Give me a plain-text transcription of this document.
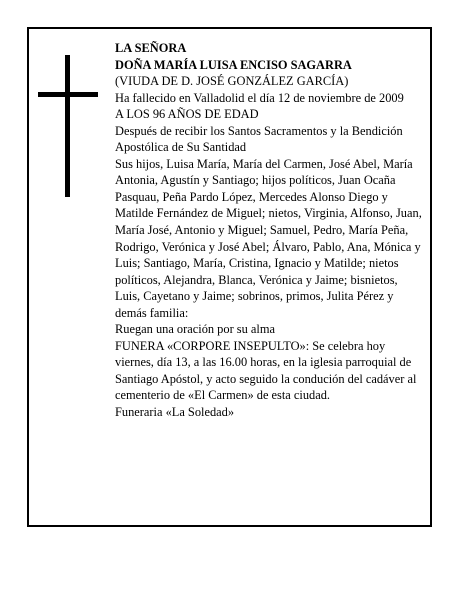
LA SEÑORA
DOÑA MARÍA LUISA ENCISO SAGARRA
(VIUDA DE D. JOSÉ GONZÁLEZ GARCÍA)
Ha fallecido en Valladolid el día 12 de noviembre de 2009
A LOS 96 AÑOS DE EDAD
Después de recibir los Santos Sacramentos y la Bendición Apostólica de Su Santidad
Sus hijos, Luisa María, María del Carmen, José Abel, María Antonia, Agustín y Santiago; hijos políticos, Juan Ocaña Pasquau, Peña Pardo López, Mercedes Alonso Diego y Matilde Fernández de Miguel; nietos, Virginia, Alfonso, Juan, María José, Antonio y Miguel; Samuel, Pedro, María Peña, Rodrigo, Verónica y José Abel; Álvaro, Pablo, Ana, Mónica y Luis; Santiago, María, Cristina, Ignacio y Matilde; nietos políticos, Alejandra, Blanca, Verónica y Jaime; bisnietos, Luis, Cayetano y Jaime; sobrinos, primos, Julita Pérez y demás familia:
Ruegan una oración por su alma
FUNERA «CORPORE INSEPULTO»: Se celebra hoy viernes, día 13, a las 16.00 horas, en la iglesia parroquial de Santiago Apóstol, y acto seguido la condución del cadáver al cementerio de «El Carmen» de esta ciudad.
Funeraria «La Soledad»
